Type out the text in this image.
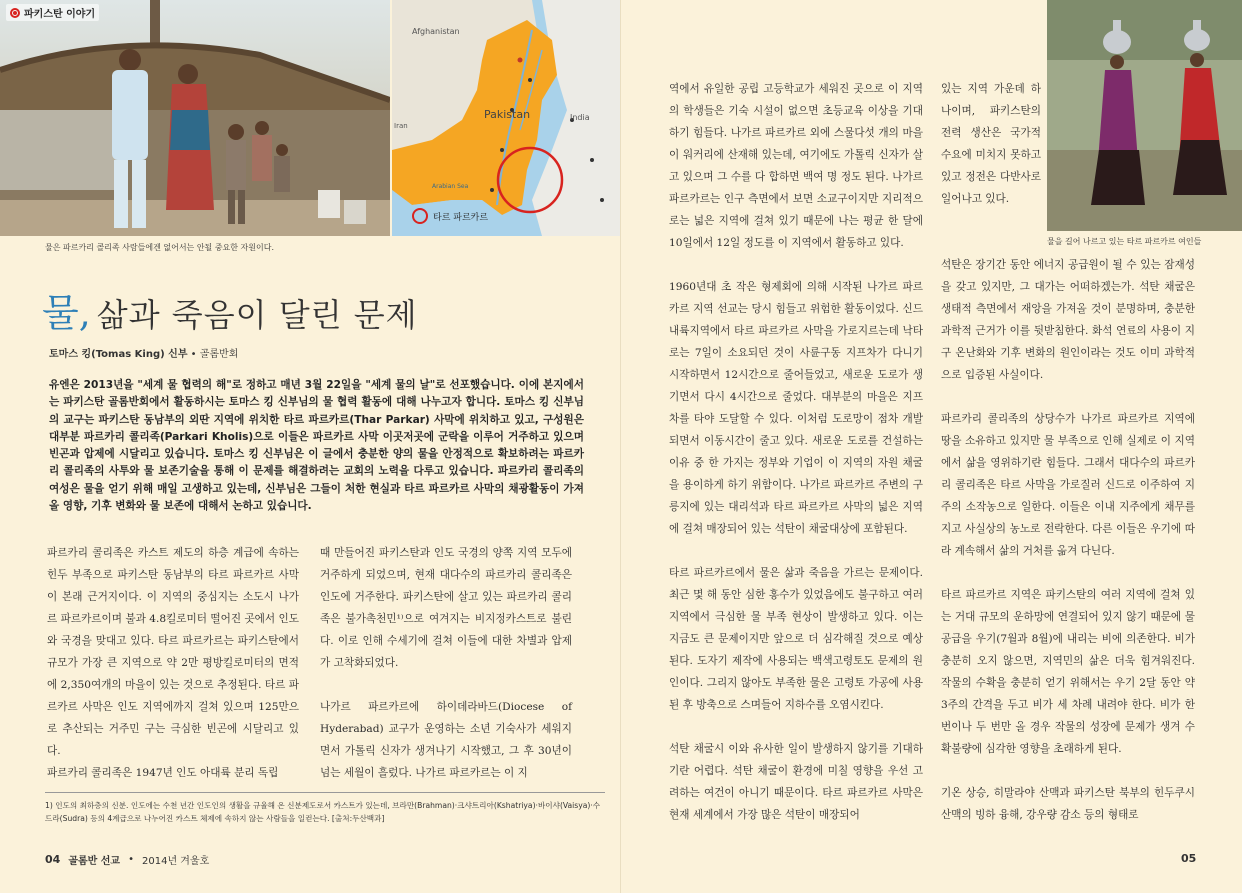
파키스탄 이야기
Afghanistan
Pakistan
Iran
India
Arabian Sea
타르 파르카르
물은 파르카리 콜리족 사람들에겐 없어서는 안될 중요한 자원이다.
물, 삶과 죽음이 달린 문제
토마스 킹(Tomas King) 신부 • 골롬반회
유엔은 2013년을 "세계 물 협력의 해"로 정하고 매년 3월 22일을 "세계 물의 날"로 선포했습니다. 이에 본지에서는 파키스탄 골롬반회에서 활동하시는 토마스 킹 신부님의 물 협력 활동에 대해 나누고자 합니다. 토마스 킹 신부님의 교구는 파키스탄 동남부의 외딴 지역에 위치한 타르 파르카르(Thar Parkar) 사막에 위치하고 있고, 구성원은 대부분 파르카리 콜리족(Parkari Kholis)으로 이들은 파르카르 사막 이곳저곳에 군락을 이루어 거주하고 있으며 빈곤과 압제에 시달리고 있습니다. 토마스 킹 신부님은 이 글에서 충분한 양의 물을 안정적으로 확보하려는 파르카리 콜리족의 사투와 물 보존기술을 통해 이 문제를 해결하려는 교회의 노력을 다루고 있습니다. 파르카리 콜리족의 여성은 물을 얻기 위해 매일 고생하고 있는데, 신부님은 그들이 처한 현실과 타르 파르카르 사막의 채광활동이 가져올 영향, 기후 변화와 물 보존에 대해서 논하고 있습니다.

파르카리 콜리족은 카스트 제도의 하층 계급에 속하는 힌두 부족으로 파키스탄 동남부의 타르 파르카르 사막이 본래 근거지이다. 이 지역의 중심지는 소도시 나가르 파르카르이며 불과 4.8킬로미터 떨어진 곳에서 인도와 국경을 맞대고 있다. 타르 파르카르는 파키스탄에서 규모가 가장 큰 지역으로 약 2만 평방킬로미터의 면적에 2,350여개의 마을이 있는 것으로 추정된다. 타르 파르카르 사막은 인도 지역에까지 걸쳐 있으며 125만으로 추산되는 거주민 구는 극심한 빈곤에 시달리고 있다.

파르카리 콜리족은 1947년 인도 아대륙 분리 독립

때 만들어진 파키스탄과 인도 국경의 양쪽 지역 모두에 거주하게 되었으며, 현재 대다수의 파르카리 콜리족은 인도에 거주한다. 파키스탄에 살고 있는 파르카리 콜리족은 불가촉천민¹⁾으로 여겨지는 비지정카스트로 불린다. 이로 인해 수세기에 걸쳐 이들에 대한 차별과 압제가 고착화되었다.

나가르 파르카르에 하이데라바드(Diocese of Hyderabad) 교구가 운영하는 소년 기숙사가 세워지면서 가톨릭 신자가 생겨나기 시작했고, 그 후 30년이 넘는 세월이 흘렀다. 나가르 파르카르는 이 지

1) 인도의 최하층의 신분. 인도에는 수천 년간 인도인의 생활을 규율해 온 신분제도로서 카스트가 있는데, 브라만(Brahman)·크샤트리아(Kshatriya)·바이샤(Vaisya)·수드라(Sudra) 등의 4계급으로 나누어진 카스트 체제에 속하지 않는 사람들을 일컫는다. [출처:두산백과]
04 골롬반 선교 • 2014년 겨울호
물을 길어 나르고 있는 타르 파르카르 여인들

역에서 유일한 공립 고등학교가 세워진 곳으로 이 지역의 학생들은 기숙 시설이 없으면 초등교육 이상을 기대하기 힘들다. 나가르 파르카르 외에 스물다섯 개의 마을이 워커리에 산재해 있는데, 여기에도 가톨릭 신자가 살고 있으며 그 수를 다 합하면 백여 명 정도 된다. 나가르 파르카르는 인구 측면에서 보면 소교구이지만 지리적으로는 넓은 지역에 걸쳐 있기 때문에 나는 평균 한 달에 10일에서 12일 정도를 이 지역에서 활동하고 있다.

1960년대 초 작은 형제회에 의해 시작된 나가르 파르카르 지역 선교는 당시 힘들고 위험한 활동이었다. 신드 내륙지역에서 타르 파르카르 사막을 가로지르는데 낙타로는 7일이 소요되던 것이 사륜구동 지프차가 다니기 시작하면서 12시간으로 줄어들었고, 새로운 도로가 생기면서 다시 4시간으로 줄었다. 대부분의 마을은 지프차를 타야 도달할 수 있다. 이처럼 도로망이 점차 개발되면서 이동시간이 줄고 있다. 새로운 도로를 건설하는 이유 중 한 가지는 정부와 기업이 이 지역의 자원 채굴을 용이하게 하기 위함이다. 나가르 파르카르 주변의 구릉지에 있는 대리석과 타르 파르카르 사막의 넓은 지역에 걸쳐 매장되어 있는 석탄이 채굴대상에 포함된다.

타르 파르카르에서 물은 삶과 죽음을 가르는 문제이다. 최근 몇 해 동안 심한 홍수가 있었음에도 불구하고 여러 지역에서 극심한 물 부족 현상이 발생하고 있다. 이는 지금도 큰 문제이지만 앞으로 더 심각해질 것으로 예상된다. 도자기 제작에 사용되는 백색고령토도 문제의 원인이다. 그리지 않아도 부족한 물은 고령토 가공에 사용된 후 방축으로 스며들어 지하수를 오염시킨다.

석탄 채굴시 이와 유사한 일이 발생하지 않기를 기대하기란 어렵다. 석탄 채굴이 환경에 미칠 영향을 우선 고려하는 여건이 아니기 때문이다. 타르 파르카르 사막은 현재 세계에서 가장 많은 석탄이 매장되어

있는 지역 가운데 하나이며, 파키스탄의 전력 생산은 국가적 수요에 미치지 못하고 있고 정전은 다반사로 일어나고 있다.

석탄은 장기간 동안 에너지 공급원이 될 수 있는 잠재성을 갖고 있지만, 그 대가는 어떠하겠는가. 석탄 채굴은 생태적 측면에서 재앙을 가져올 것이 분명하며, 충분한 과학적 근거가 이를 뒷받침한다. 화석 연료의 사용이 지구 온난화와 기후 변화의 원인이라는 것도 이미 과학적으로 입증된 사실이다.

파르카리 콜리족의 상당수가 나가르 파르카르 지역에 땅을 소유하고 있지만 물 부족으로 인해 실제로 이 지역에서 삶을 영위하기란 힘들다. 그래서 대다수의 파르카리 콜리족은 타르 사막을 가로질러 신드로 이주하여 지주의 소작농으로 일한다. 이들은 이내 지주에게 채무를 지고 사실상의 농노로 전락한다. 다른 이들은 우기에 따라 계속해서 삶의 거처를 옮겨 다닌다.

타르 파르카르 지역은 파키스탄의 여러 지역에 걸쳐 있는 거대 규모의 운하망에 연결되어 있지 않기 때문에 물 공급을 우기(7월과 8월)에 내리는 비에 의존한다. 비가 충분히 오지 않으면, 지역민의 삶은 더욱 힘겨워진다. 작물의 수확을 충분히 얻기 위해서는 우기 2달 동안 약 3주의 간격을 두고 비가 세 차례 내려야 한다. 비가 한 번이나 두 번만 올 경우 작물의 성장에 문제가 생겨 수확불량에 심각한 영향을 초래하게 된다.

기온 상승, 히말라야 산맥과 파키스탄 북부의 힌두쿠시 산맥의 빙하 융해, 강우량 감소 등의 형태로

05
